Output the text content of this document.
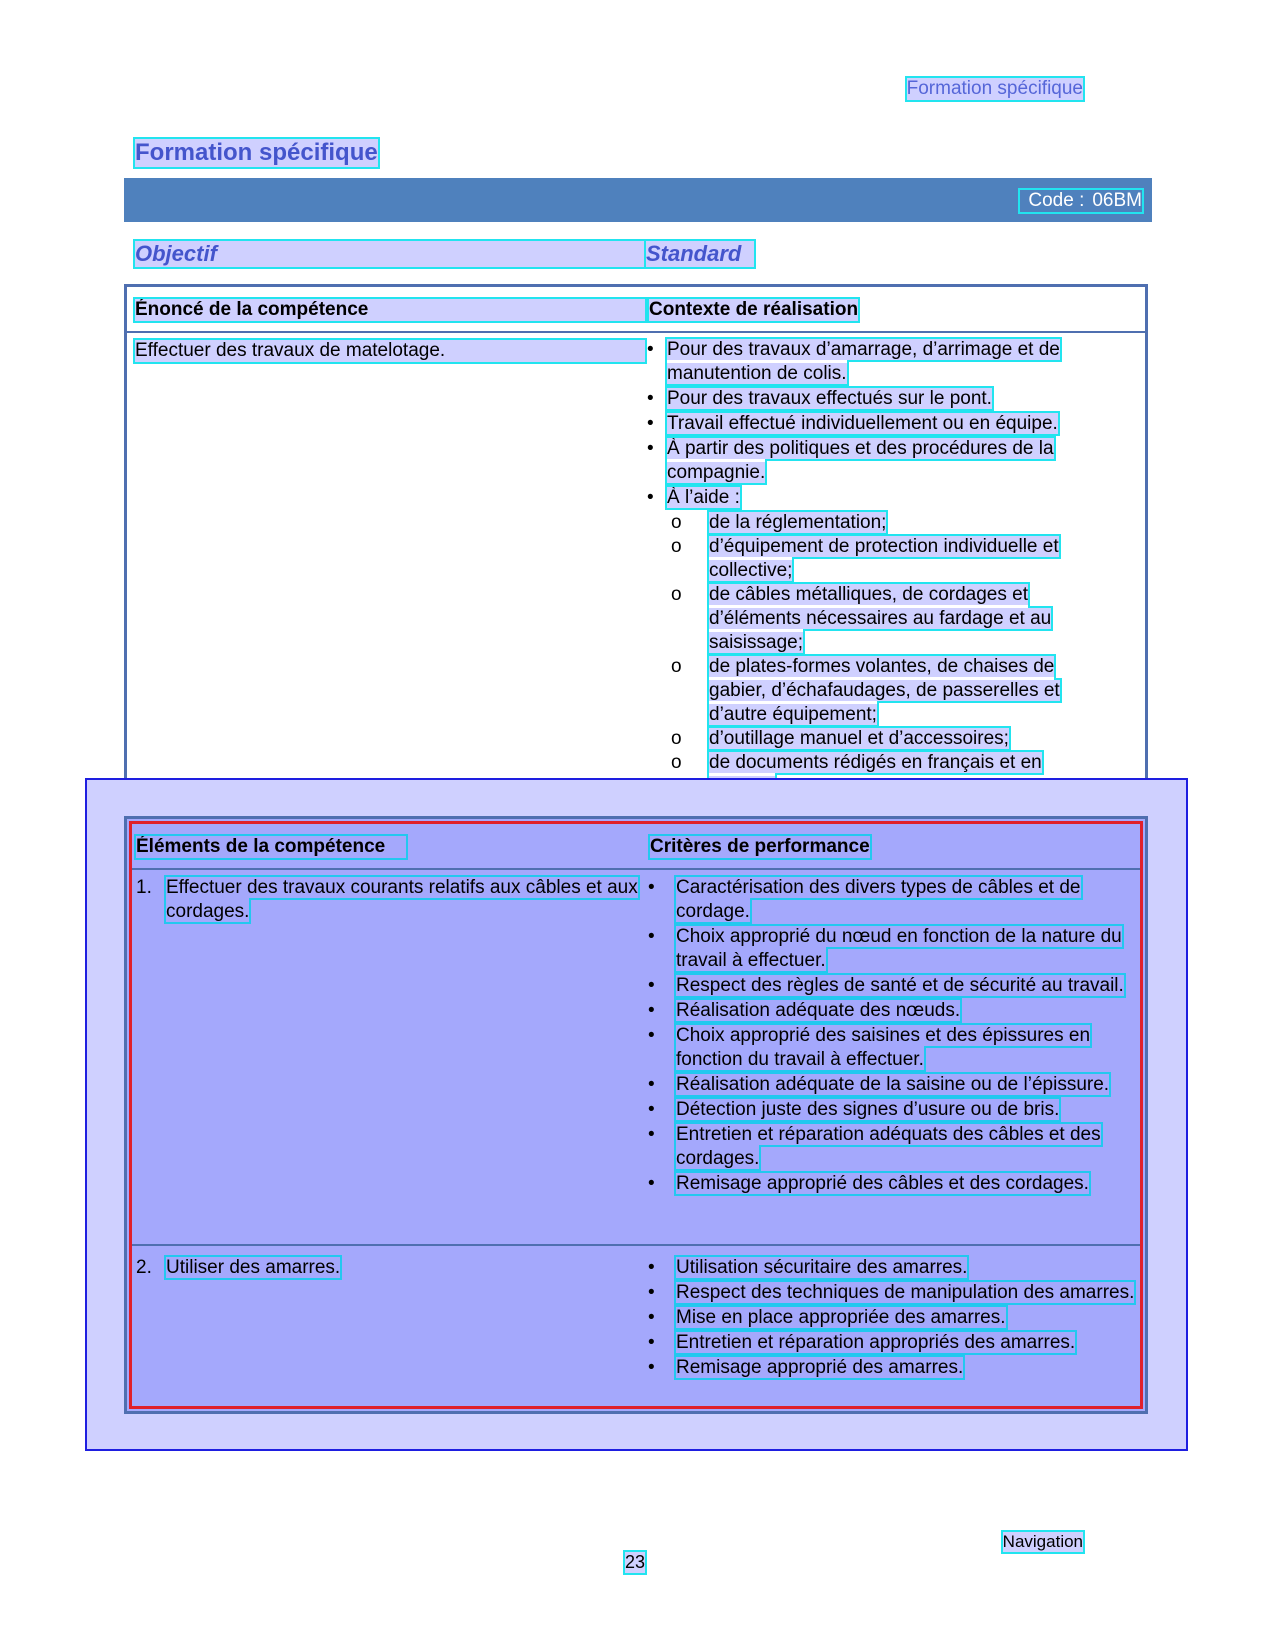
Formation spécifique
Formation spécifique
Code : 06BM
Objectif	Standard
Énoncé de la compétence	Contexte de réalisation
Effectuer des travaux de matelotage.	• Pour des travaux d’amarrage, d’arrimage et de manutention de colis.
• Pour des travaux effectués sur le pont.
• Travail effectué individuellement ou en équipe.
• À partir des politiques et des procédures de la compagnie.
• À l’aide :
o de la réglementation;
o d’équipement de protection individuelle et collective;
o de câbles métalliques, de cordages et d’éléments nécessaires au fardage et au saisissage;
o de plates-formes volantes, de chaises de gabier, d’échafaudages, de passerelles et d’autre équipement;
o d’outillage manuel et d’accessoires;
o de documents rédigés en français et en
Éléments de la compétence	Critères de performance
1. Effectuer des travaux courants relatifs aux câbles et aux cordages.
• Caractérisation des divers types de câbles et de cordage.
• Choix approprié du nœud en fonction de la nature du travail à effectuer.
• Respect des règles de santé et de sécurité au travail.
• Réalisation adéquate des nœuds.
• Choix approprié des saisines et des épissures en fonction du travail à effectuer.
• Réalisation adéquate de la saisine ou de l’épissure.
• Détection juste des signes d’usure ou de bris.
• Entretien et réparation adéquats des câbles et des cordages.
• Remisage approprié des câbles et des cordages.
2. Utiliser des amarres.	• Utilisation sécuritaire des amarres.
• Respect des techniques de manipulation des amarres.
• Mise en place appropriée des amarres.
• Entretien et réparation appropriés des amarres.
• Remisage approprié des amarres.
Navigation
23
